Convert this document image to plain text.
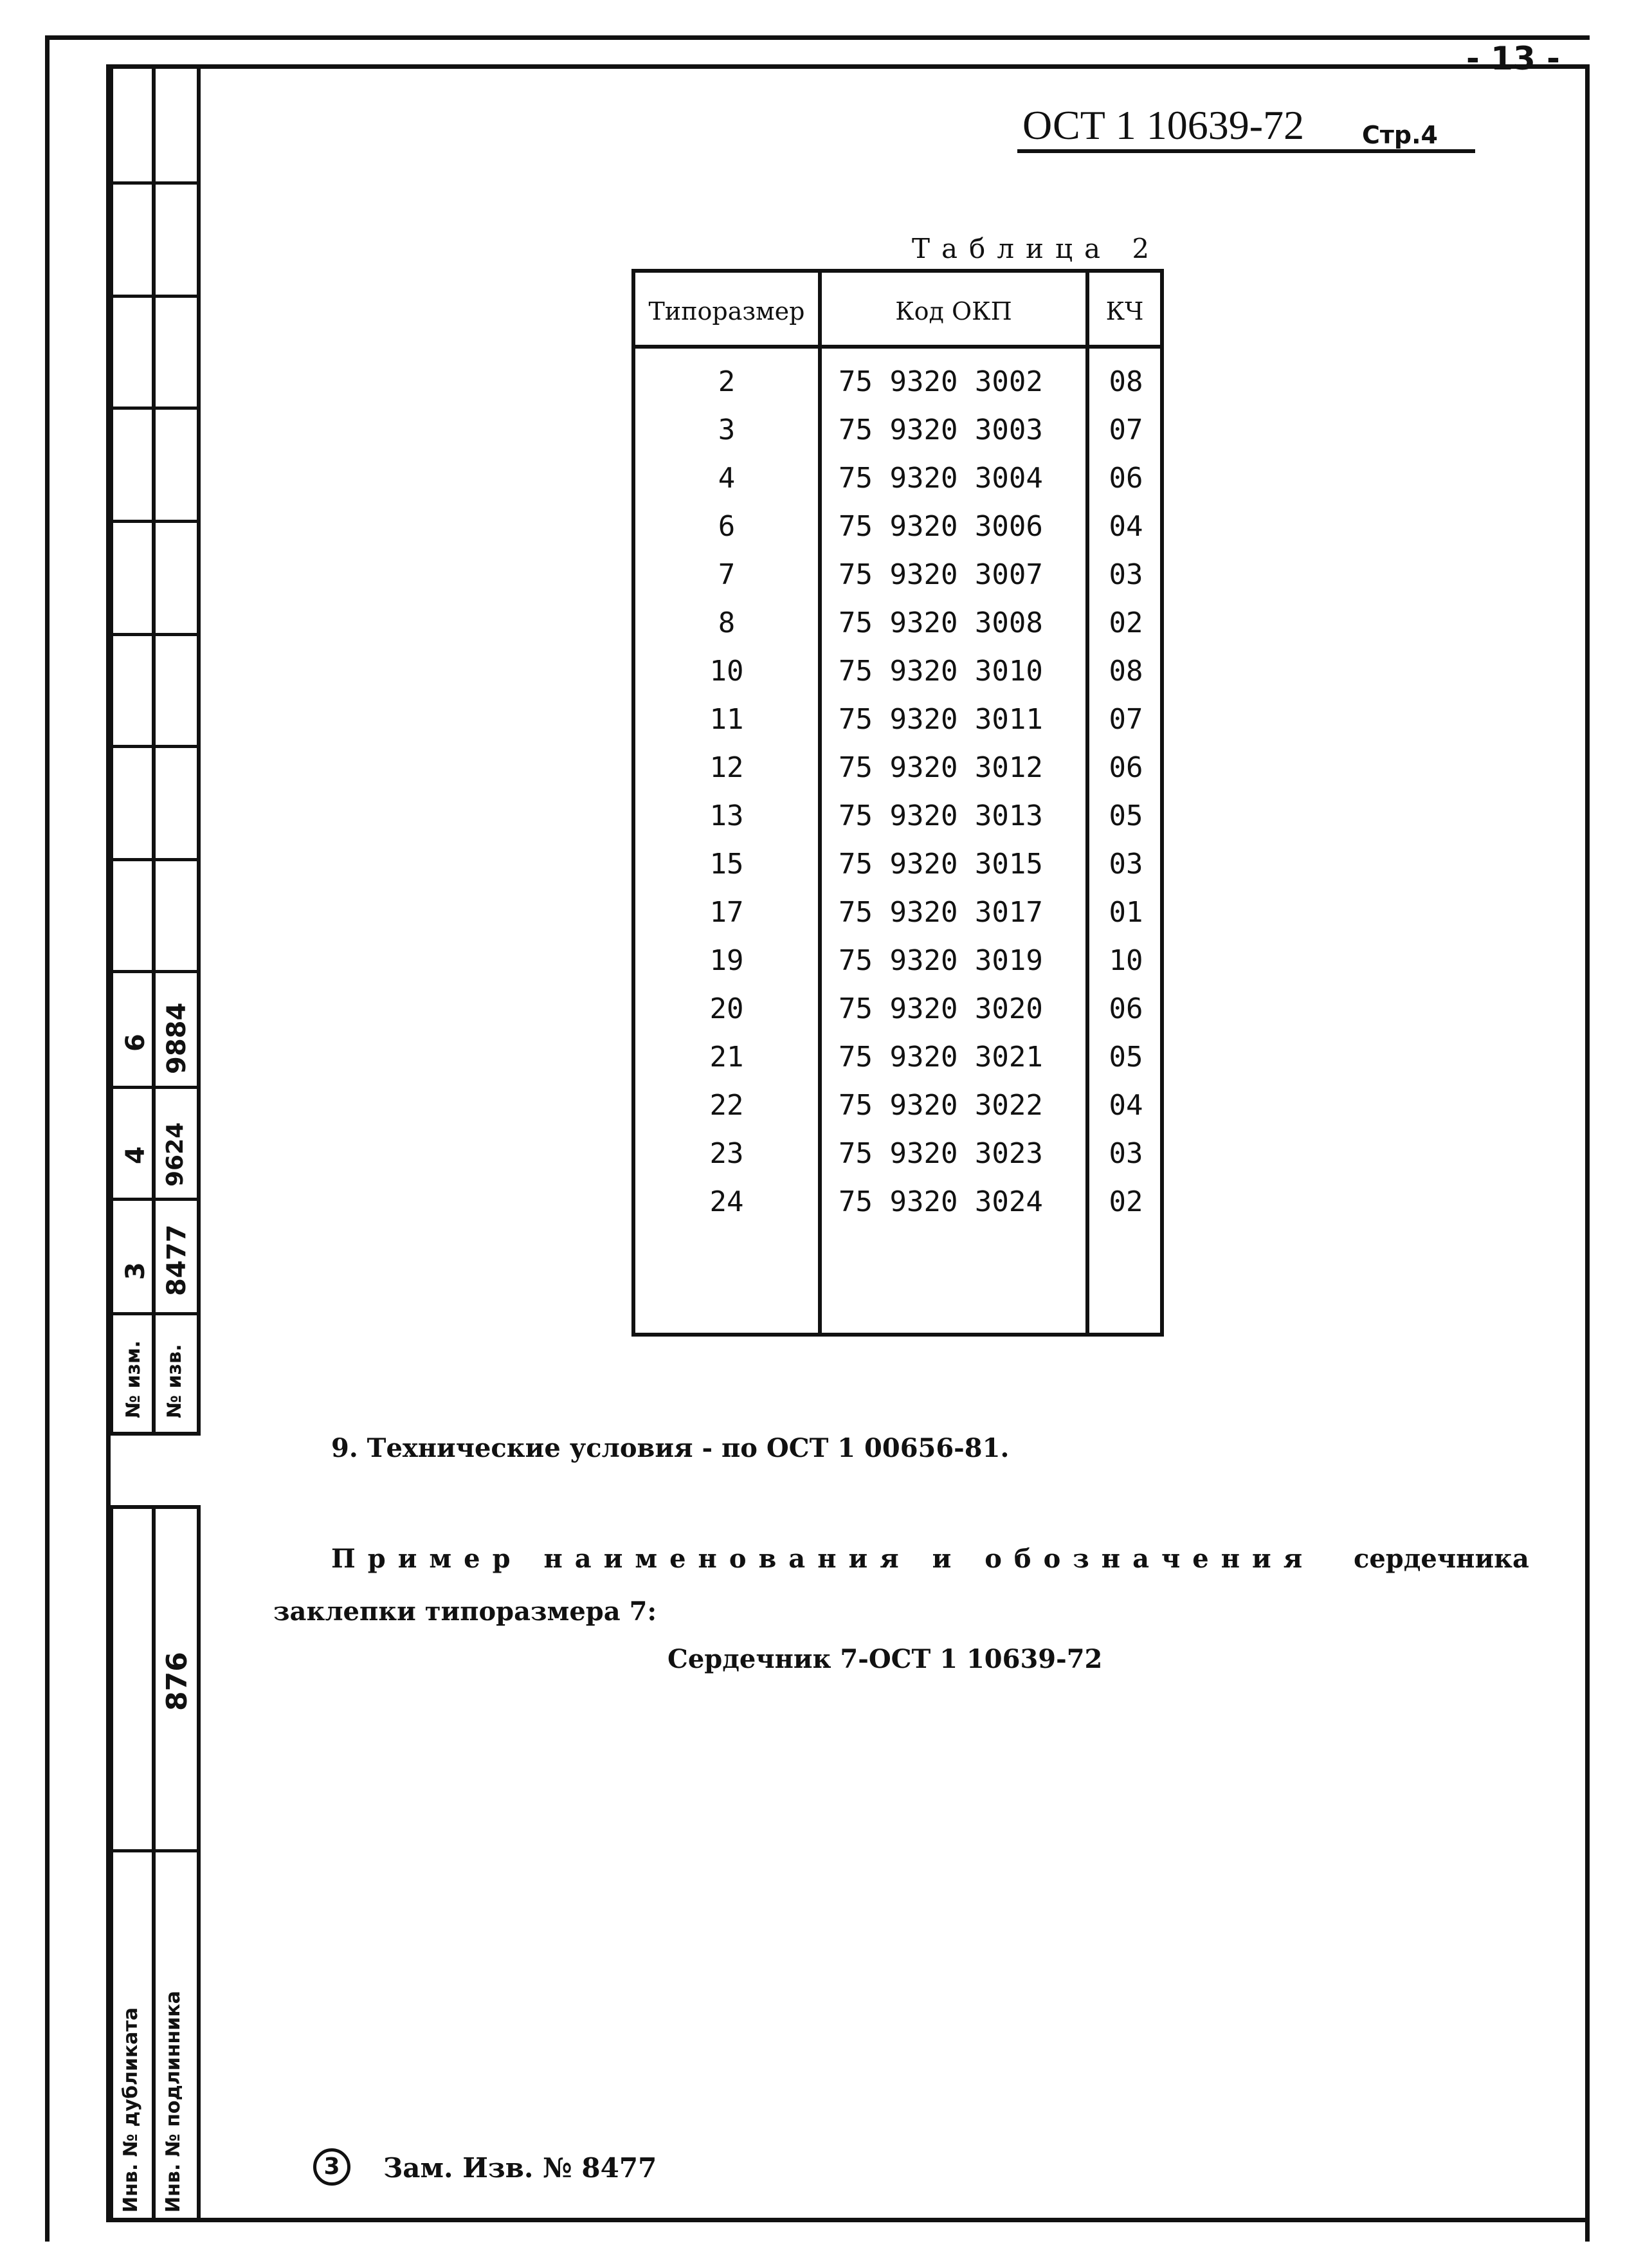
- 13 -
ОСТ 1 10639-72 Стр.4
Таблица 2
Типоразмер	Код ОКП	КЧ
2	75 9320 3002	08
3	75 9320 3003	07
4	75 9320 3004	06
6	75 9320 3006	04
7	75 9320 3007	03
8	75 9320 3008	02
10	75 9320 3010	08
11	75 9320 3011	07
12	75 9320 3012	06
13	75 9320 3013	05
15	75 9320 3015	03
17	75 9320 3017	01
19	75 9320 3019	10
20	75 9320 3020	06
21	75 9320 3021	05
22	75 9320 3022	04
23	75 9320 3023	03
24	75 9320 3024	02
9. Технические условия - по ОСТ 1 00656-81.
Пример наименования и обозначения сердечника
заклепки типоразмера 7:
Сердечник 7-ОСТ 1 10639-72
3	Зам. Изв. № 8477
6 9884
4 9624
3 8477
№ изм. № изв.
876
Инв. № дубликата Инв. № подлинника
